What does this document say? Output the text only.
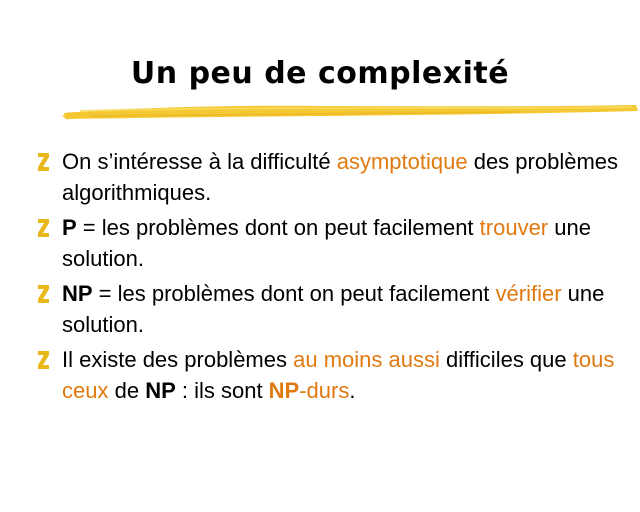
Un peu de complexité
On s’intéresse à la difficulté asymptotique des problèmes algorithmiques.
P = les problèmes dont on peut facilement trouver une solution.
NP = les problèmes dont on peut facilement vérifier une solution.
Il existe des problèmes au moins aussi difficiles que tous ceux de NP : ils sont NP-durs.
